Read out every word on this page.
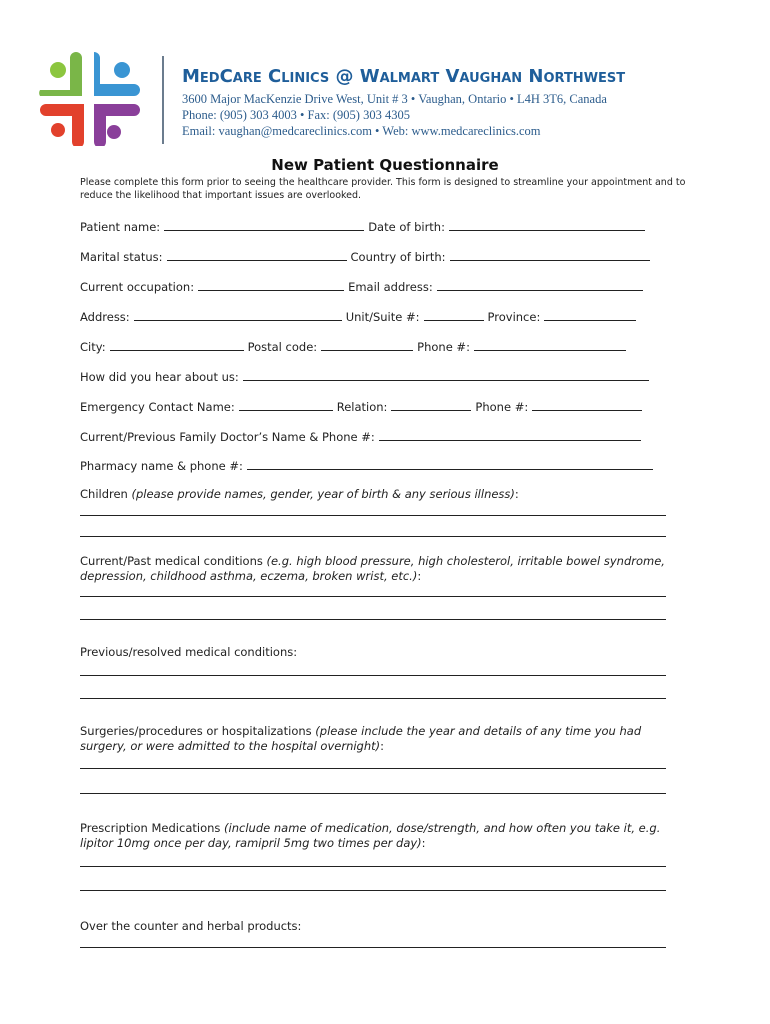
MedCare Clinics @ Walmart Vaughan Northwest
3600 Major MacKenzie Drive West, Unit # 3 • Vaughan, Ontario • L4H 3T6, Canada
Phone: (905) 303 4003 • Fax: (905) 303 4305
Email: vaughan@medcareclinics.com • Web: www.medcareclinics.com
New Patient Questionnaire
Please complete this form prior to seeing the healthcare provider. This form is designed to streamline your appointment and to reduce the likelihood that important issues are overlooked.
Patient name:	Date of birth:
Marital status:	Country of birth:
Current occupation:	Email address:
Address:	Unit/Suite #:	Province:
City:	Postal code:	Phone #:
How did you hear about us:
Emergency Contact Name:	Relation:	Phone #:
Current/Previous Family Doctor’s Name & Phone #:
Pharmacy name & phone #:
Children (please provide names, gender, year of birth & any serious illness):
Current/Past medical conditions (e.g. high blood pressure, high cholesterol, irritable bowel syndrome, depression, childhood asthma, eczema, broken wrist, etc.):
Previous/resolved medical conditions:
Surgeries/procedures or hospitalizations (please include the year and details of any time you had surgery, or were admitted to the hospital overnight):
Prescription Medications (include name of medication, dose/strength, and how often you take it, e.g. lipitor 10mg once per day, ramipril 5mg two times per day):
Over the counter and herbal products:
